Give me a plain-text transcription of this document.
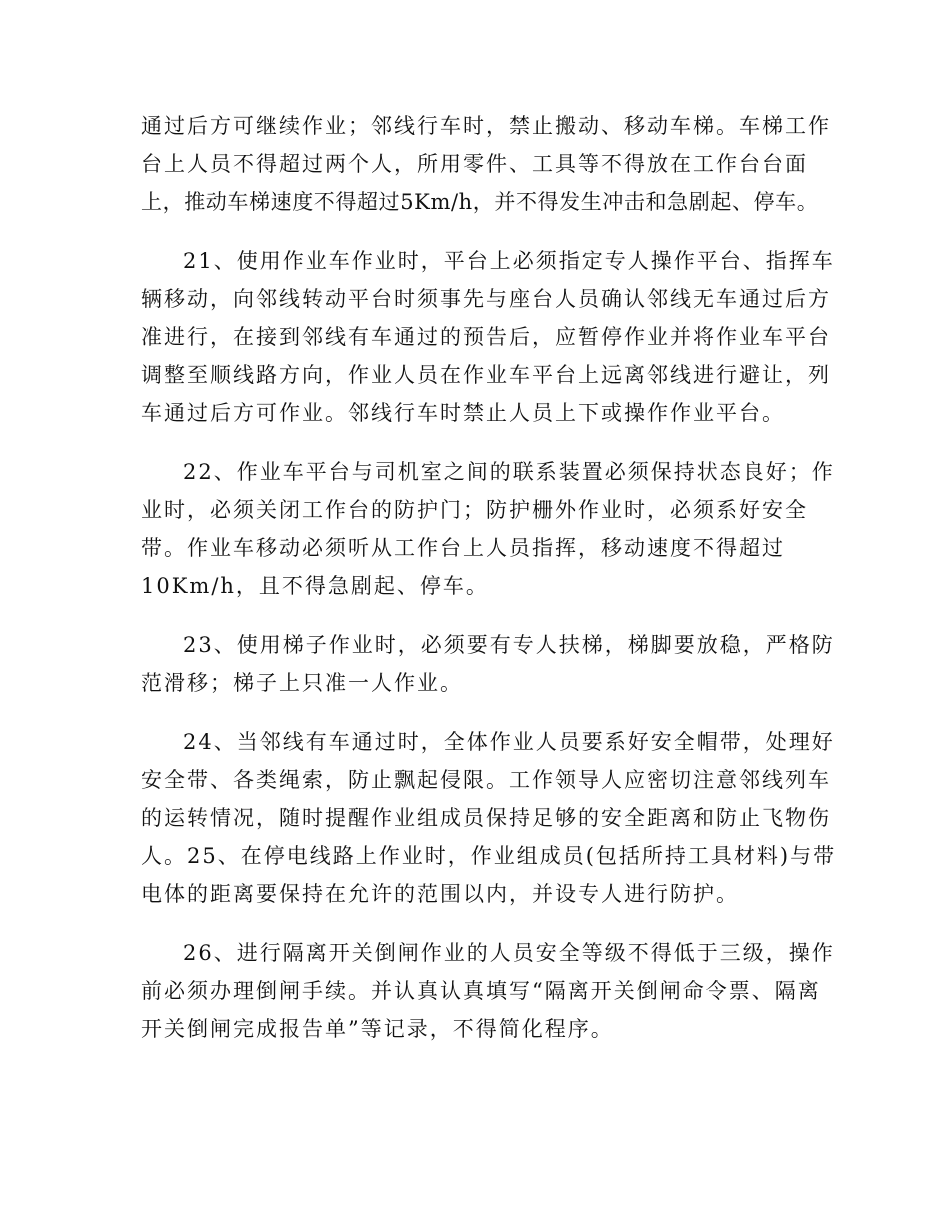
通过后方可继续作业；邻线行车时，禁止搬动、移动车梯。车梯工作
台上人员不得超过两个人，所用零件、工具等不得放在工作台台面
上，推动车梯速度不得超过5Km/h，并不得发生冲击和急剧起、停车。
21、使用作业车作业时，平台上必须指定专人操作平台、指挥车
辆移动，向邻线转动平台时须事先与座台人员确认邻线无车通过后方
准进行，在接到邻线有车通过的预告后，应暂停作业并将作业车平台
调整至顺线路方向，作业人员在作业车平台上远离邻线进行避让，列
车通过后方可作业。邻线行车时禁止人员上下或操作作业平台。
22、作业车平台与司机室之间的联系装置必须保持状态良好；作
业时，必须关闭工作台的防护门；防护栅外作业时，必须系好安全
带。作业车移动必须听从工作台上人员指挥，移动速度不得超过
10Km/h，且不得急剧起、停车。
23、使用梯子作业时，必须要有专人扶梯，梯脚要放稳，严格防
范滑移；梯子上只准一人作业。
24、当邻线有车通过时，全体作业人员要系好安全帽带，处理好
安全带、各类绳索，防止飘起侵限。工作领导人应密切注意邻线列车
的运转情况，随时提醒作业组成员保持足够的安全距离和防止飞物伤
人。25、在停电线路上作业时，作业组成员(包括所持工具材料)与带
电体的距离要保持在允许的范围以内，并设专人进行防护。
26、进行隔离开关倒闸作业的人员安全等级不得低于三级，操作
前必须办理倒闸手续。并认真认真填写“隔离开关倒闸命令票、隔离
开关倒闸完成报告单”等记录，不得简化程序。
